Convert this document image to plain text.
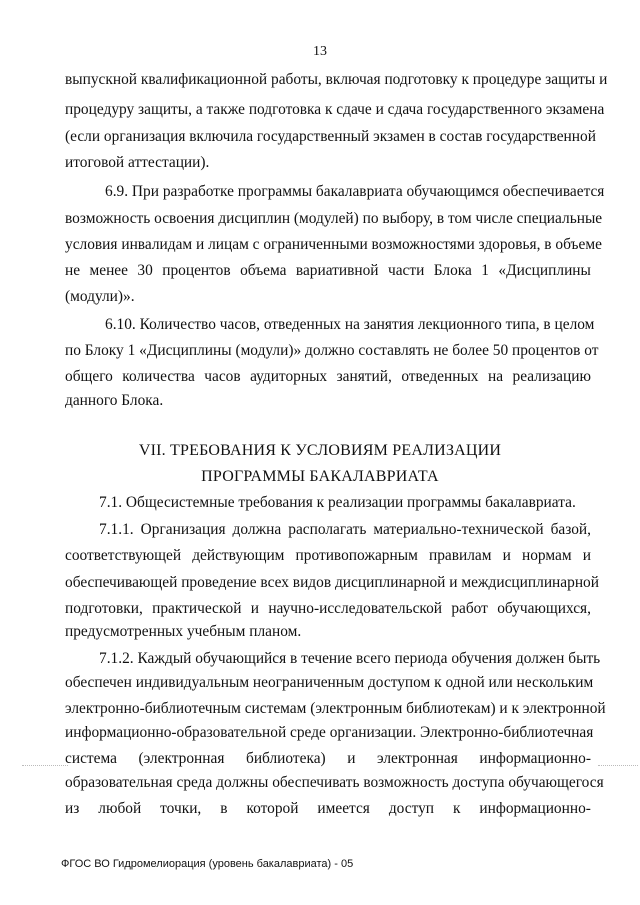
13
выпускной квалификационной работы, включая подготовку к процедуре защиты и
процедуру защиты, а также подготовка к сдаче и сдача государственного экзамена
(если организация включила государственный экзамен в состав государственной
итоговой аттестации).
6.9. При разработке программы бакалавриата обучающимся обеспечивается
возможность освоения дисциплин (модулей) по выбору, в том числе специальные
условия инвалидам и лицам с ограниченными возможностями здоровья, в объеме
не менее 30 процентов объема вариативной части Блока 1 «Дисциплины
(модули)».
6.10. Количество часов, отведенных на занятия лекционного типа, в целом
по Блоку 1 «Дисциплины (модули)» должно составлять не более 50 процентов от
общего количества часов аудиторных занятий, отведенных на реализацию
данного Блока.
VII. ТРЕБОВАНИЯ К УСЛОВИЯМ РЕАЛИЗАЦИИ
ПРОГРАММЫ БАКАЛАВРИАТА
7.1. Общесистемные требования к реализации программы бакалавриата.
7.1.1. Организация должна располагать материально-технической базой,
соответствующей действующим противопожарным правилам и нормам и
обеспечивающей проведение всех видов дисциплинарной и междисциплинарной
подготовки, практической и научно-исследовательской работ обучающихся,
предусмотренных учебным планом.
7.1.2. Каждый обучающийся в течение всего периода обучения должен быть
обеспечен индивидуальным неограниченным доступом к одной или нескольким
электронно-библиотечным системам (электронным библиотекам) и к электронной
информационно-образовательной среде организации. Электронно-библиотечная
система (электронная библиотека) и электронная информационно-
образовательная среда должны обеспечивать возможность доступа обучающегося
из любой точки, в которой имеется доступ к информационно-
ФГОС ВО Гидромелиорация (уровень бакалавриата) - 05
